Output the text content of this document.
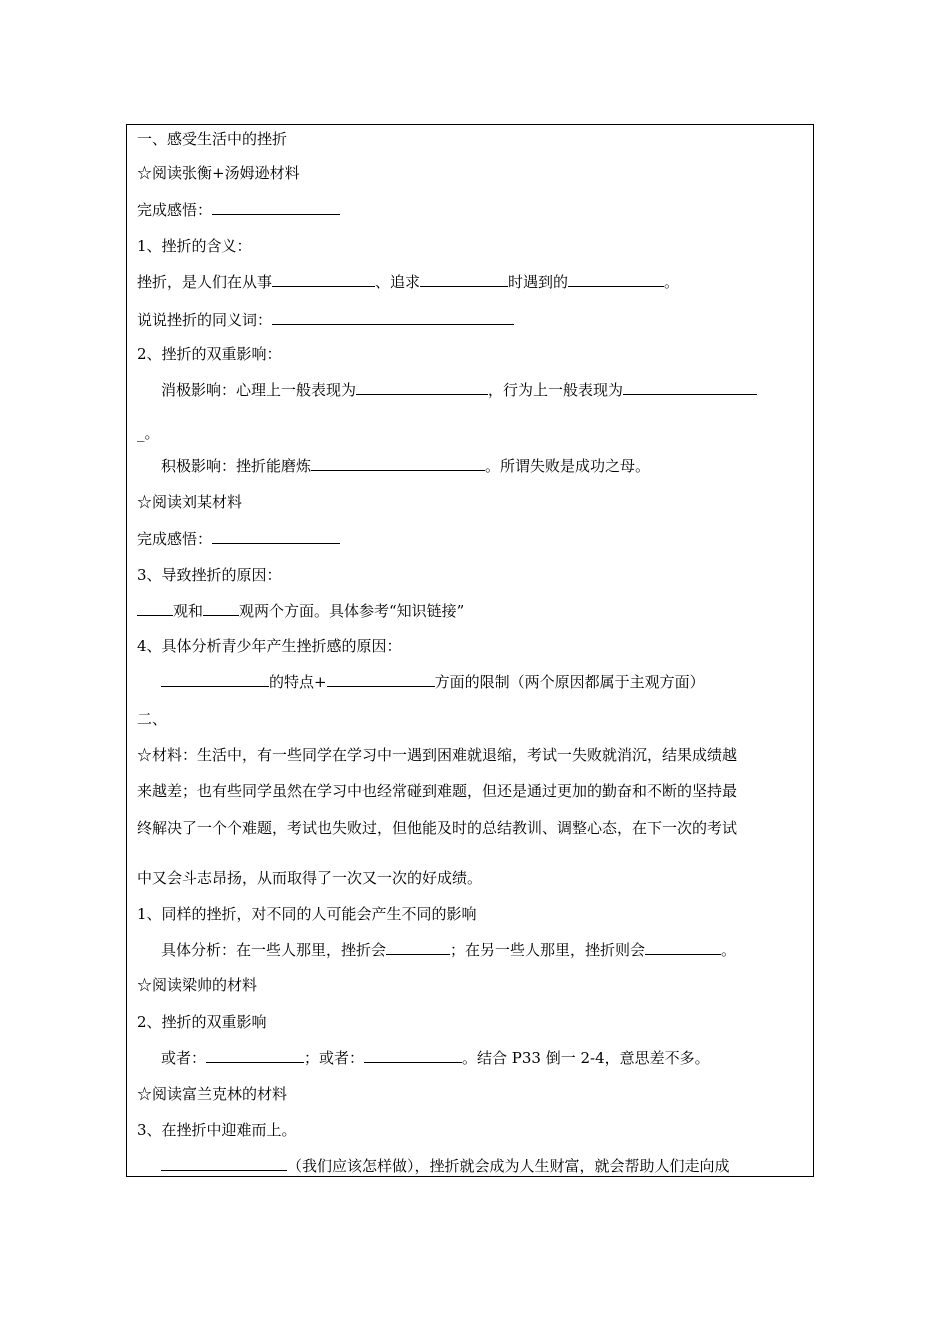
一、感受生活中的挫折
☆阅读张衡+汤姆逊材料
完成感悟：
1、挫折的含义：
挫折，是人们在从事	、追求	时遇到的	。
说说挫折的同义词：
2、挫折的双重影响：
消极影响：心理上一般表现为	，行为上一般表现为
_。
积极影响：挫折能磨炼	。所谓失败是成功之母。
☆阅读刘某材料
完成感悟：
3、导致挫折的原因：
观和 观两个方面。具体参考“知识链接”
4、具体分析青少年产生挫折感的原因：
的特点+	方面的限制（两个原因都属于主观方面）
二、
☆材料：生活中，有一些同学在学习中一遇到困难就退缩，考试一失败就消沉，结果成绩越
来越差；也有些同学虽然在学习中也经常碰到难题，但还是通过更加的勤奋和不断的坚持最
终解决了一个个难题，考试也失败过，但他能及时的总结教训、调整心态，在下一次的考试
中又会斗志昂扬，从而取得了一次又一次的好成绩。
1、同样的挫折，对不同的人可能会产生不同的影响
具体分析：在一些人那里，挫折会	；在另一些人那里，挫折则会	。
☆阅读梁帅的材料
2、挫折的双重影响
或者：	；或者：	。结合 P33 倒一 2-4，意思差不多。
☆阅读富兰克林的材料
3、在挫折中迎难而上。
（我们应该怎样做），挫折就会成为人生财富，就会帮助人们走向成
